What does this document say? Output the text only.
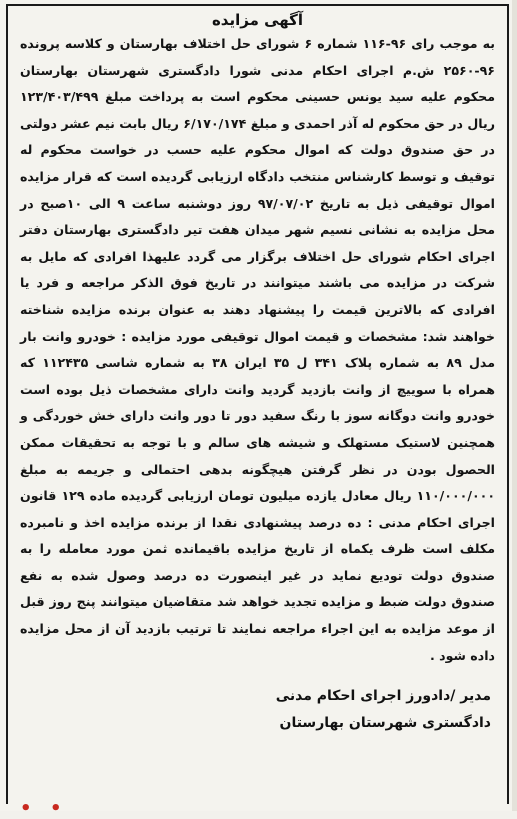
آگهی مزایده

به موجب رای ۹۶-۱۱۶ شماره ۶ شورای حل اختلاف بهارستان و کلاسه پرونده ۹۶-۲۵۶۰ ش.م اجرای احکام مدنی شورا دادگستری شهرستان بهارستان محکوم علیه سید یونس حسینی محکوم است به پرداخت مبلغ ۱۲۳/۴۰۳/۴۹۹ ریال در حق محکوم له آذر احمدی و مبلغ ۶/۱۷۰/۱۷۴ ریال بابت نیم عشر دولتی در حق صندوق دولت که اموال محکوم علیه حسب در خواست محکوم له توقیف و توسط کارشناس منتخب دادگاه ارزیابی گردیده است که قرار مزایده اموال توقیفی ذیل به تاریخ ۹۷/۰۷/۰۲ روز دوشنبه ساعت ۹ الی ۱۰صبح در محل مزایده به نشانی نسیم شهر میدان هفت تیر دادگستری بهارستان دفتر اجرای احکام شورای حل اختلاف برگزار می گردد علیهذا افرادی که مایل به شرکت در مزایده می باشند میتوانند در تاریخ فوق الذکر مراجعه و فرد یا افرادی که بالاترین قیمت را پیشنهاد دهند به عنوان برنده مزایده شناخته خواهند شد: مشخصات و قیمت اموال توقیفی مورد مزایده : خودرو وانت بار مدل ۸۹ به شماره پلاک ۳۴۱ ل ۳۵ ایران ۳۸ به شماره شاسی ۱۱۲۴۳۵ که همراه با سوییچ از وانت بازدید گردید وانت دارای مشخصات ذیل بوده است خودرو وانت دوگانه سوز با رنگ سفید دور تا دور وانت دارای خش خوردگی و همچنین لاستیک مستهلک و شیشه های سالم و با توجه به تحقیقات ممکن الحصول بودن در نظر گرفتن هیچگونه بدهی احتمالی و جریمه به مبلغ ۱۱۰/۰۰۰/۰۰۰ ریال معادل یازده میلیون تومان ارزیابی گردیده ماده ۱۲۹ قانون اجرای احکام مدنی : ده درصد پیشنهادی نقدا از برنده مزایده اخذ و نامبرده مکلف است ظرف یکماه از تاریخ مزایده باقیمانده ثمن مورد معامله را به صندوق دولت تودیع نماید در غیر اینصورت ده درصد وصول شده به نفع صندوق دولت ضبط و مزایده تجدید خواهد شد متقاضیان میتوانند پنج روز قبل از موعد مزایده به این اجراء مراجعه نمایند تا ترتیب بازدید آن از محل مزایده داده شود .

مدیر /دادورز اجرای احکام مدنی
دادگستری شهرستان بهارستان
• •
